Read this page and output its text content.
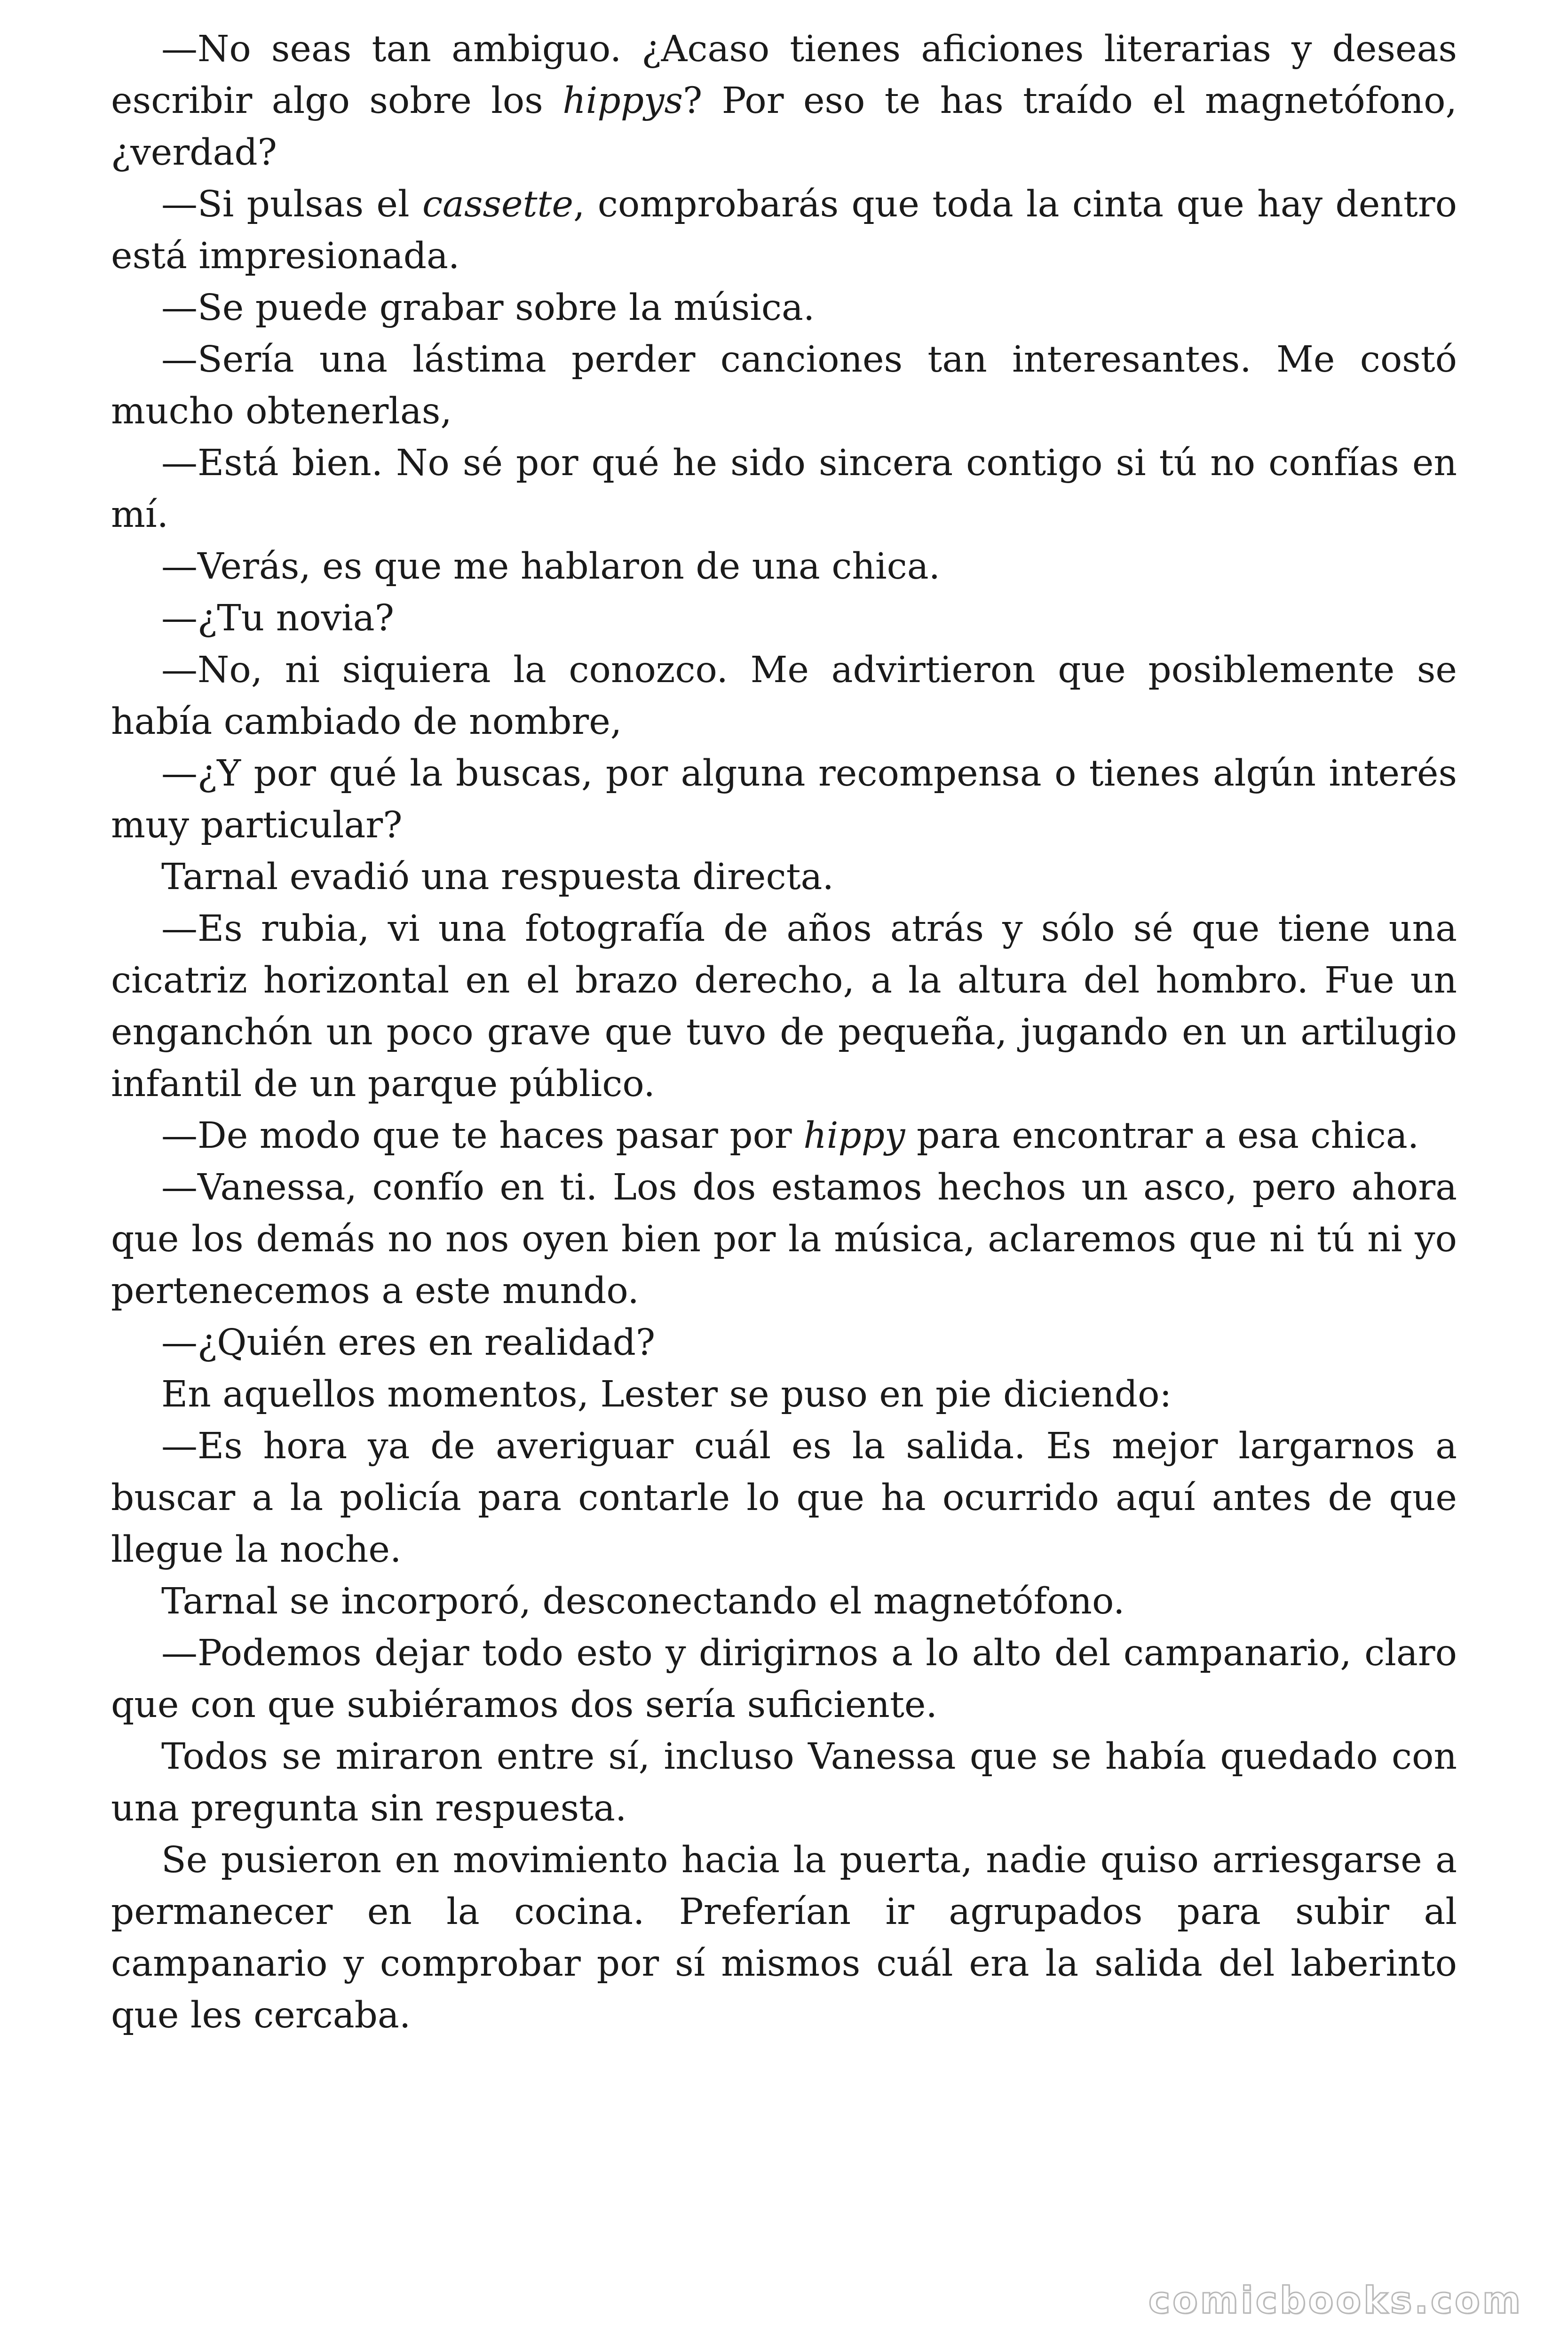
—No seas tan ambiguo. ¿Acaso tienes aficiones literarias y deseas escribir algo sobre los hippys? Por eso te has traído el magnetófono, ¿verdad?

—Si pulsas el cassette, comprobarás que toda la cinta que hay dentro está impresionada.

—Se puede grabar sobre la música.

—Sería una lástima perder canciones tan interesantes. Me costó mucho obtenerlas,

—Está bien. No sé por qué he sido sincera contigo si tú no confías en mí.

—Verás, es que me hablaron de una chica.

—¿Tu novia?

—No, ni siquiera la conozco. Me advirtieron que posiblemente se había cambiado de nombre,

—¿Y por qué la buscas, por alguna recompensa o tienes algún interés muy particular?

Tarnal evadió una respuesta directa.

—Es rubia, vi una fotografía de años atrás y sólo sé que tiene una cicatriz horizontal en el brazo derecho, a la altura del hombro. Fue un enganchón un poco grave que tuvo de pequeña, jugando en un artilugio infantil de un parque público.

—De modo que te haces pasar por hippy para encontrar a esa chica.

—Vanessa, confío en ti. Los dos estamos hechos un asco, pero ahora que los demás no nos oyen bien por la música, aclaremos que ni tú ni yo pertenecemos a este mundo.

—¿Quién eres en realidad?

En aquellos momentos, Lester se puso en pie diciendo:

—Es hora ya de averiguar cuál es la salida. Es mejor largarnos a buscar a la policía para contarle lo que ha ocurrido aquí antes de que llegue la noche.

Tarnal se incorporó, desconectando el magnetófono.

—Podemos dejar todo esto y dirigirnos a lo alto del campanario, claro que con que subiéramos dos sería suficiente.

Todos se miraron entre sí, incluso Vanessa que se había quedado con una pregunta sin respuesta.

Se pusieron en movimiento hacia la puerta, nadie quiso arriesgarse a permanecer en la cocina. Preferían ir agrupados para subir al campanario y comprobar por sí mismos cuál era la salida del laberinto que les cercaba.

comicbooks.com
